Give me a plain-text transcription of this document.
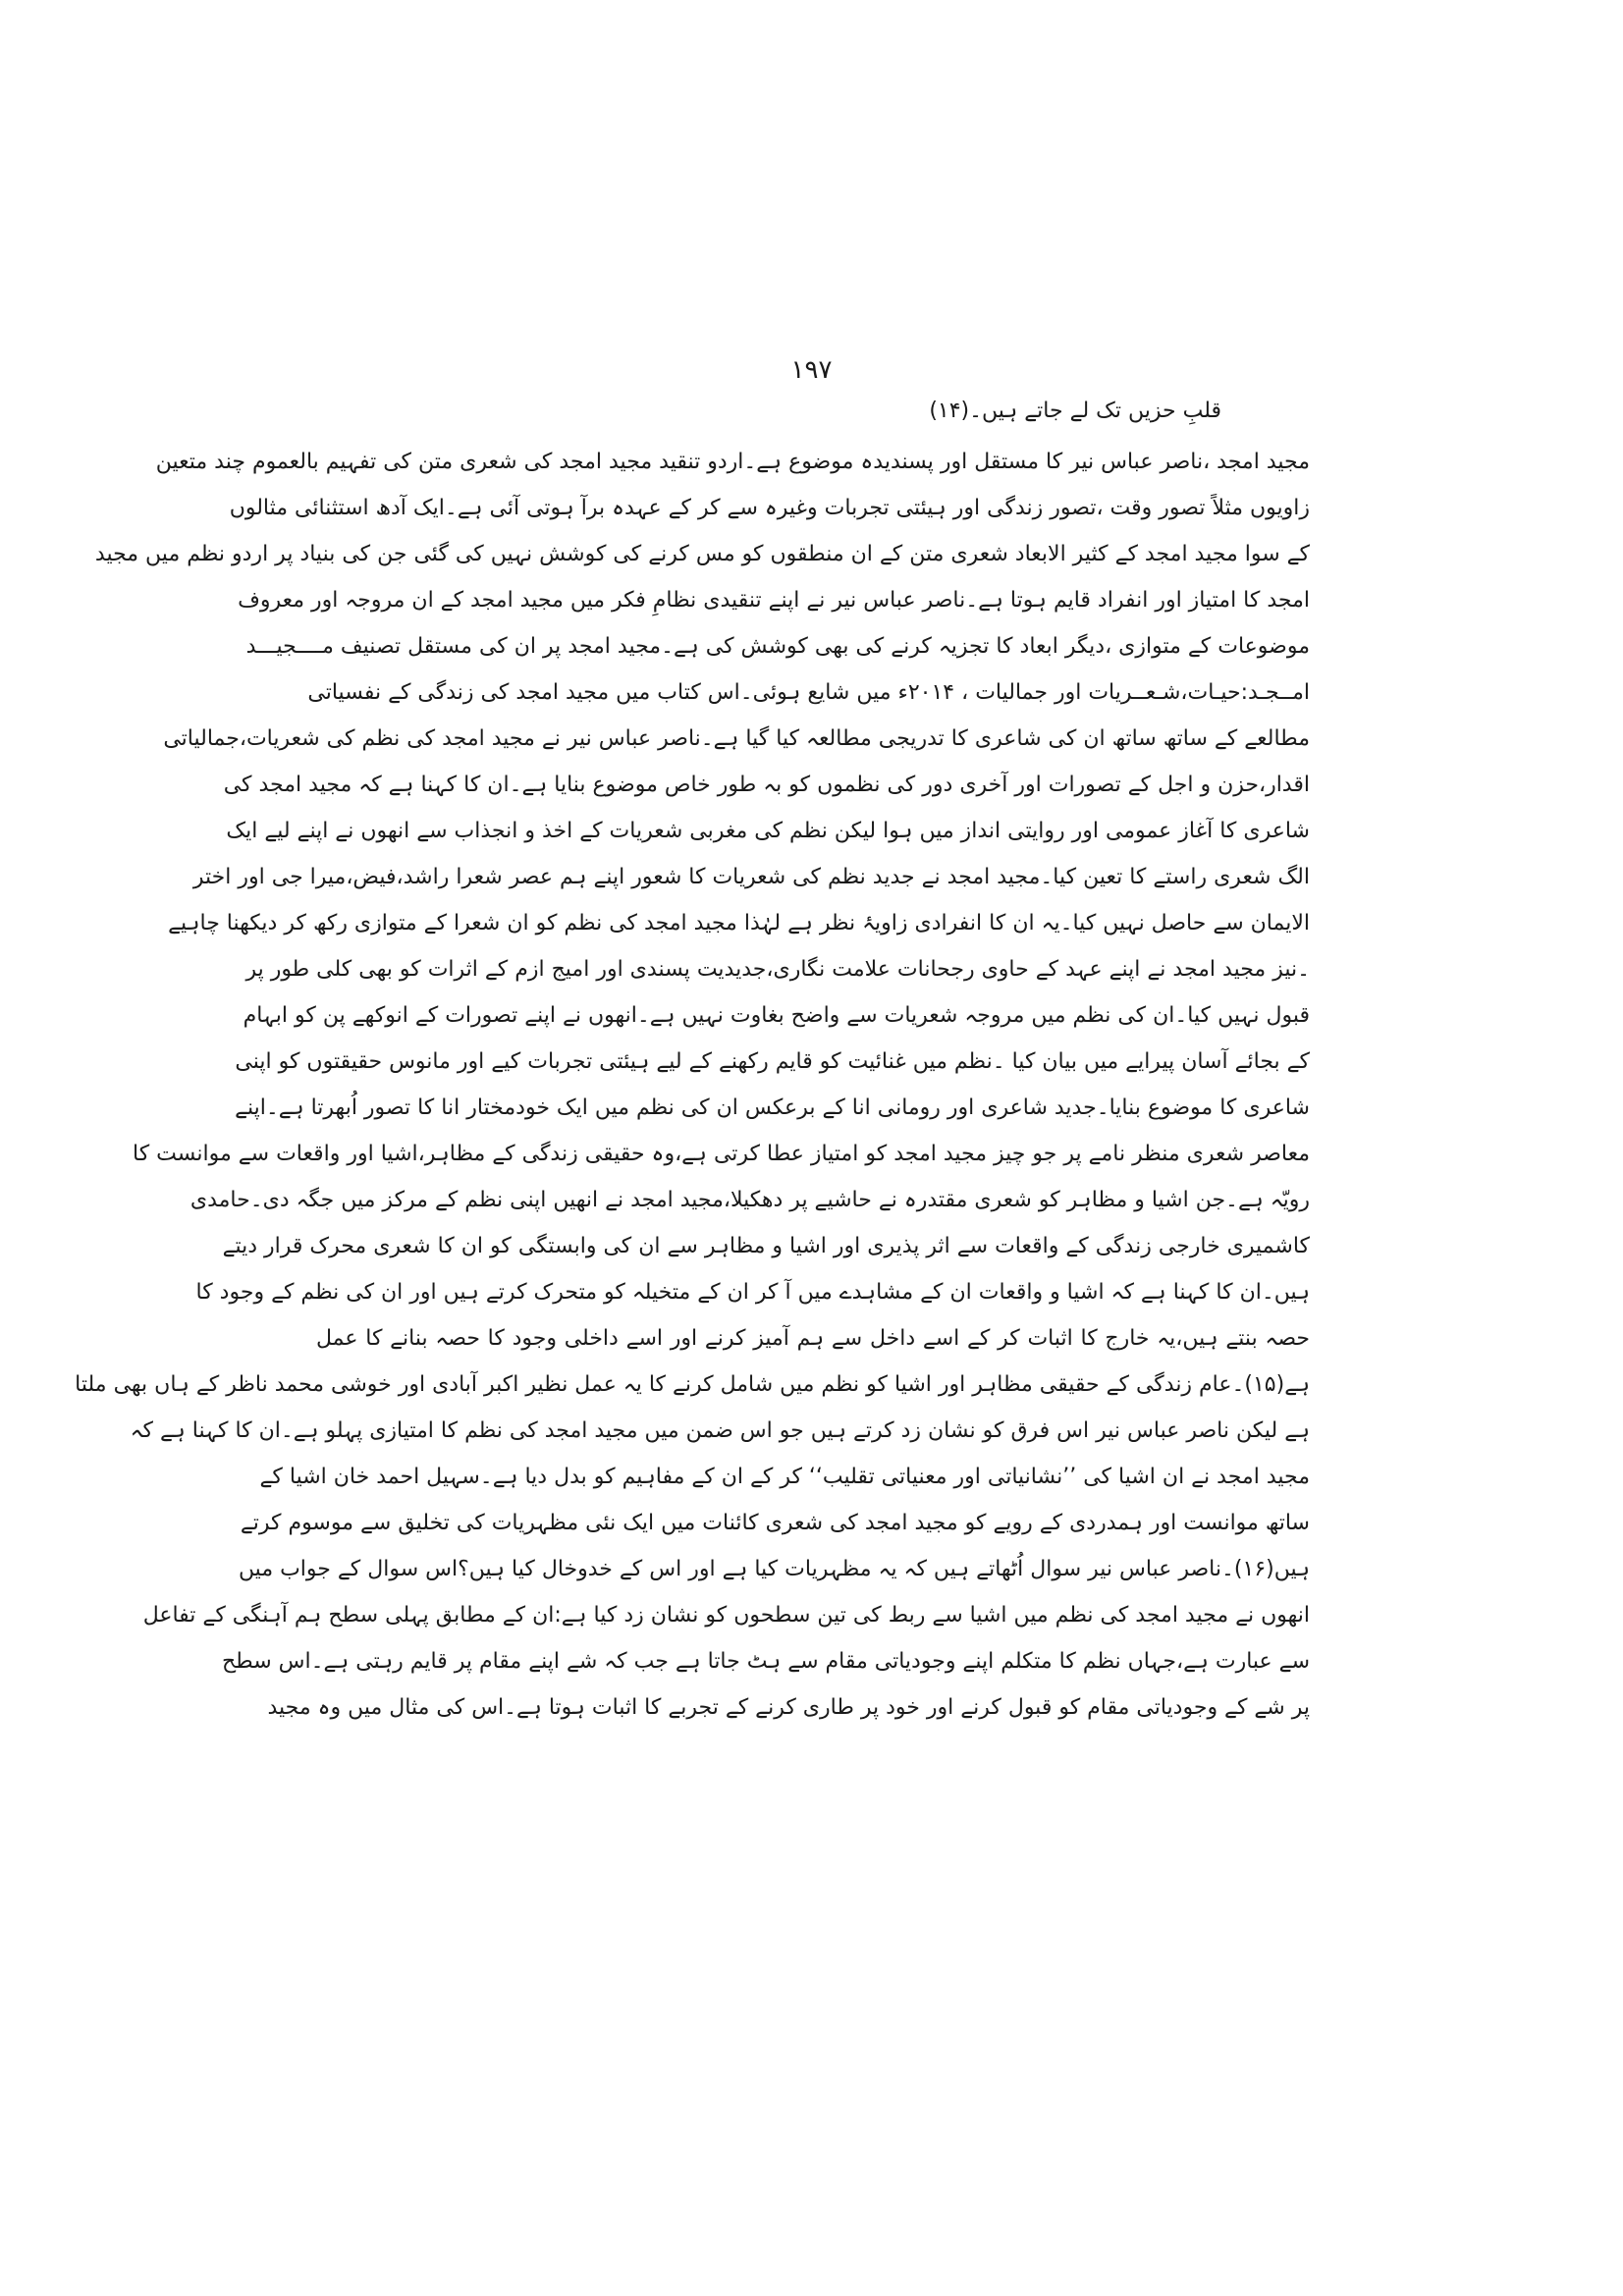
۱۹۷
قلبِ حزیں تک لے جاتے ہیں۔(۱۴)
مجید امجد ،ناصر عباس نیر کا مستقل اور پسندیدہ موضوع ہے۔اردو تنقید مجید امجد کی شعری متن کی تفہیم بالعموم چند متعین
زاویوں مثلاً تصور وقت ،تصور زندگی اور ہیئتی تجربات وغیرہ سے کر کے عہدہ برآ ہوتی آئی ہے۔ایک آدھ استثنائی مثالوں
کے سوا مجید امجد کے کثیر الابعاد شعری متن کے ان منطقوں کو مس کرنے کی کوشش نہیں کی گئی جن کی بنیاد پر اردو نظم میں مجید
امجد کا امتیاز اور انفراد قایم ہوتا ہے۔ناصر عباس نیر نے اپنے تنقیدی نظامِ فکر میں مجید امجد کے ان مروجہ اور معروف
موضوعات کے متوازی ،دیگر ابعاد کا تجزیہ کرنے کی بھی کوشش کی ہے۔مجید امجد پر ان کی مستقل تصنیف مــــجیـــد
امــجـد:حیـات،شـعــریات اور جمالیات ، ۲۰۱۴ء میں شایع ہوئی۔اس کتاب میں مجید امجد کی زندگی کے نفسیاتی
مطالعے کے ساتھ ساتھ ان کی شاعری کا تدریجی مطالعہ کیا گیا ہے۔ناصر عباس نیر نے مجید امجد کی نظم کی شعریات،جمالیاتی
اقدار،حزن و اجل کے تصورات اور آخری دور کی نظموں کو بہ طور خاص موضوع بنایا ہے۔ان کا کہنا ہے کہ مجید امجد کی
شاعری کا آغاز عمومی اور روایتی انداز میں ہوا لیکن نظم کی مغربی شعریات کے اخذ و انجذاب سے انھوں نے اپنے لیے ایک
الگ شعری راستے کا تعین کیا۔مجید امجد نے جدید نظم کی شعریات کا شعور اپنے ہم عصر شعرا راشد،فیض،میرا جی اور اختر
الایمان سے حاصل نہیں کیا۔یہ ان کا انفرادی زاویۂ نظر ہے لہٰذا مجید امجد کی نظم کو ان شعرا کے متوازی رکھ کر دیکھنا چاہیے
۔نیز مجید امجد نے اپنے عہد کے حاوی رجحانات علامت نگاری،جدیدیت پسندی اور امیج ازم کے اثرات کو بھی کلی طور پر
قبول نہیں کیا۔ان کی نظم میں مروجہ شعریات سے واضح بغاوت نہیں ہے۔انھوں نے اپنے تصورات کے انوکھے پن کو ابہام
کے بجائے آسان پیرایے میں بیان کیا ۔نظم میں غنائیت کو قایم رکھنے کے لیے ہیئتی تجربات کیے اور مانوس حقیقتوں کو اپنی
شاعری کا موضوع بنایا۔جدید شاعری اور رومانی انا کے برعکس ان کی نظم میں ایک خودمختار انا کا تصور اُبھرتا ہے۔اپنے
معاصر شعری منظر نامے پر جو چیز مجید امجد کو امتیاز عطا کرتی ہے،وہ حقیقی زندگی کے مظاہر،اشیا اور واقعات سے موانست کا
رویّہ ہے۔جن اشیا و مظاہر کو شعری مقتدرہ نے حاشیے پر دھکیلا،مجید امجد نے انھیں اپنی نظم کے مرکز میں جگہ دی۔حامدی
کاشمیری خارجی زندگی کے واقعات سے اثر پذیری اور اشیا و مظاہر سے ان کی وابستگی کو ان کا شعری محرک قرار دیتے
ہیں۔ان کا کہنا ہے کہ اشیا و واقعات ان کے مشاہدے میں آ کر ان کے متخیلہ کو متحرک کرتے ہیں اور ان کی نظم کے وجود کا
حصہ بنتے ہیں،یہ خارج کا اثبات کر کے اسے داخل سے ہم آمیز کرنے اور اسے داخلی وجود کا حصہ بنانے کا عمل
ہے(۱۵)۔عام زندگی کے حقیقی مظاہر اور اشیا کو نظم میں شامل کرنے کا یہ عمل نظیر اکبر آبادی اور خوشی محمد ناظر کے ہاں بھی ملتا
ہے لیکن ناصر عباس نیر اس فرق کو نشان زد کرتے ہیں جو اس ضمن میں مجید امجد کی نظم کا امتیازی پہلو ہے۔ان کا کہنا ہے کہ
مجید امجد نے ان اشیا کی ’’نشانیاتی اور معنیاتی تقلیب‘‘ کر کے ان کے مفاہیم کو بدل دیا ہے۔سہیل احمد خان اشیا کے
ساتھ موانست اور ہمدردی کے رویے کو مجید امجد کی شعری کائنات میں ایک نئی مظہریات کی تخلیق سے موسوم کرتے
ہیں(۱۶)۔ناصر عباس نیر سوال اُٹھاتے ہیں کہ یہ مظہریات کیا ہے اور اس کے خدوخال کیا ہیں؟اس سوال کے جواب میں
انھوں نے مجید امجد کی نظم میں اشیا سے ربط کی تین سطحوں کو نشان زد کیا ہے:ان کے مطابق پہلی سطح ہم آہنگی کے تفاعل
سے عبارت ہے،جہاں نظم کا متکلم اپنے وجودیاتی مقام سے ہٹ جاتا ہے جب کہ شے اپنے مقام پر قایم رہتی ہے۔اس سطح
پر شے کے وجودیاتی مقام کو قبول کرنے اور خود پر طاری کرنے کے تجربے کا اثبات ہوتا ہے۔اس کی مثال میں وہ مجید
